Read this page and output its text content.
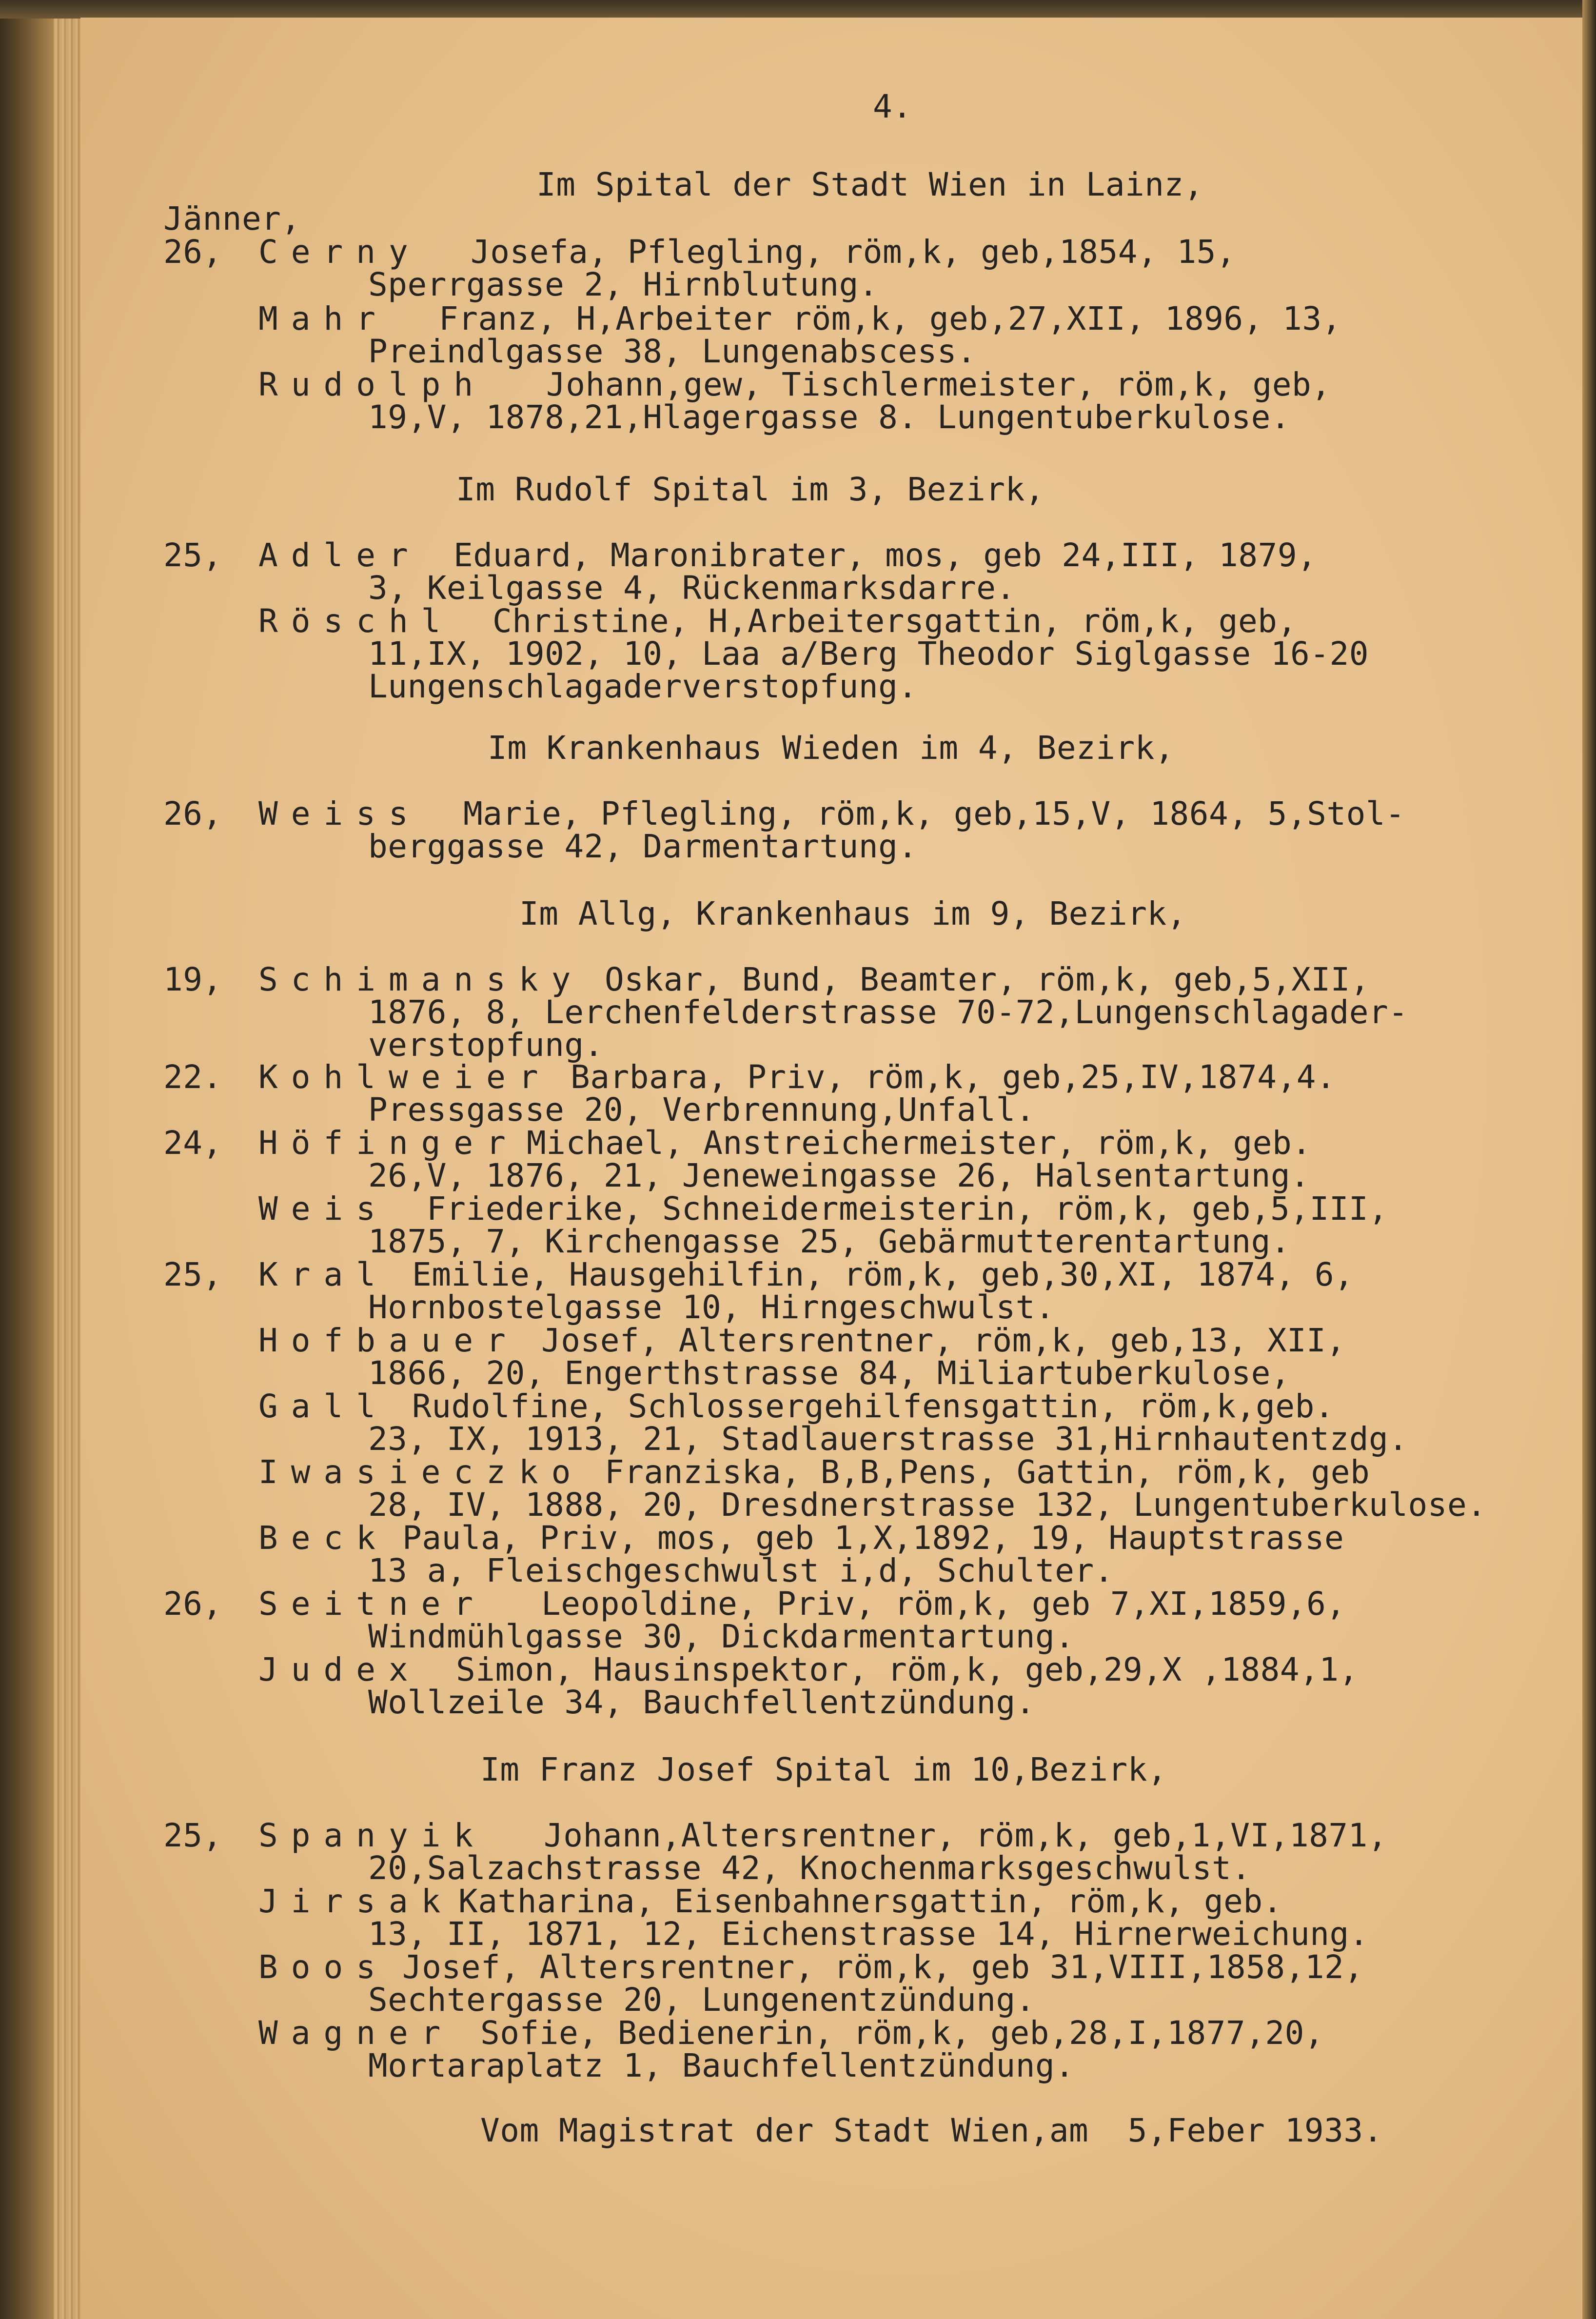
4.
Im Spital der Stadt Wien in Lainz,
Jänner,
26, Cerny Josefa, Pflegling, röm,k, geb,1854, 15,
Sperrgasse 2, Hirnblutung.
Mahr Franz, H,Arbeiter röm,k, geb,27,XII, 1896, 13,
Preindlgasse 38, Lungenabscess.
Rudolph Johann,gew, Tischlermeister, röm,k, geb,
19,V, 1878,21,Hlagergasse 8. Lungentuberkulose.
Im Rudolf Spital im 3, Bezirk,
25, Adler Eduard, Maronibrater, mos, geb 24,III, 1879,
3, Keilgasse 4, Rückenmarksdarre.
Röschl Christine, H,Arbeitersgattin, röm,k, geb,
11,IX, 1902, 10, Laa a/Berg Theodor Siglgasse 16-20
Lungenschlagaderverstopfung.
Im Krankenhaus Wieden im 4, Bezirk,
26, Weiss Marie, Pflegling, röm,k, geb,15,V, 1864, 5,Stol-
berggasse 42, Darmentartung.
Im Allg, Krankenhaus im 9, Bezirk,
19, Schimansky Oskar, Bund, Beamter, röm,k, geb,5,XII,
1876, 8, Lerchenfelderstrasse 70-72,Lungenschlagader-
verstopfung.
22. Kohlweier Barbara, Priv, röm,k, geb,25,IV,1874,4.
Pressgasse 20, Verbrennung,Unfall.
24, Höfinger Michael, Anstreichermeister, röm,k, geb.
26,V, 1876, 21, Jeneweingasse 26, Halsentartung.
Weis Friederike, Schneidermeisterin, röm,k, geb,5,III,
1875, 7, Kirchengasse 25, Gebärmutterentartung.
25, Kral Emilie, Hausgehilfin, röm,k, geb,30,XI, 1874, 6,
Hornbostelgasse 10, Hirngeschwulst.
Hofbauer Josef, Altersrentner, röm,k, geb,13, XII,
1866, 20, Engerthstrasse 84, Miliartuberkulose,
Gall Rudolfine, Schlossergehilfensgattin, röm,k,geb.
23, IX, 1913, 21, Stadlauerstrasse 31,Hirnhautentzdg.
Iwasieczko Franziska, B,B,Pens, Gattin, röm,k, geb
28, IV, 1888, 20, Dresdnerstrasse 132, Lungentuberkulose.
Beck Paula, Priv, mos, geb 1,X,1892, 19, Hauptstrasse
13 a, Fleischgeschwulst i,d, Schulter.
26, Seitner Leopoldine, Priv, röm,k, geb 7,XI,1859,6,
Windmühlgasse 30, Dickdarmentartung.
Judex Simon, Hausinspektor, röm,k, geb,29,X ,1884,1,
Wollzeile 34, Bauchfellentzündung.
Im Franz Josef Spital im 10,Bezirk,
25, Spanyik Johann,Altersrentner, röm,k, geb,1,VI,1871,
20,Salzachstrasse 42, Knochenmarksgeschwulst.
Jirsak Katharina, Eisenbahnersgattin, röm,k, geb.
13, II, 1871, 12, Eichenstrasse 14, Hirnerweichung.
Boos Josef, Altersrentner, röm,k, geb 31,VIII,1858,12,
Sechtergasse 20, Lungenentzündung.
Wagner Sofie, Bedienerin, röm,k, geb,28,I,1877,20,
Mortaraplatz 1, Bauchfellentzündung.
Vom Magistrat der Stadt Wien,am  5,Feber 1933.
